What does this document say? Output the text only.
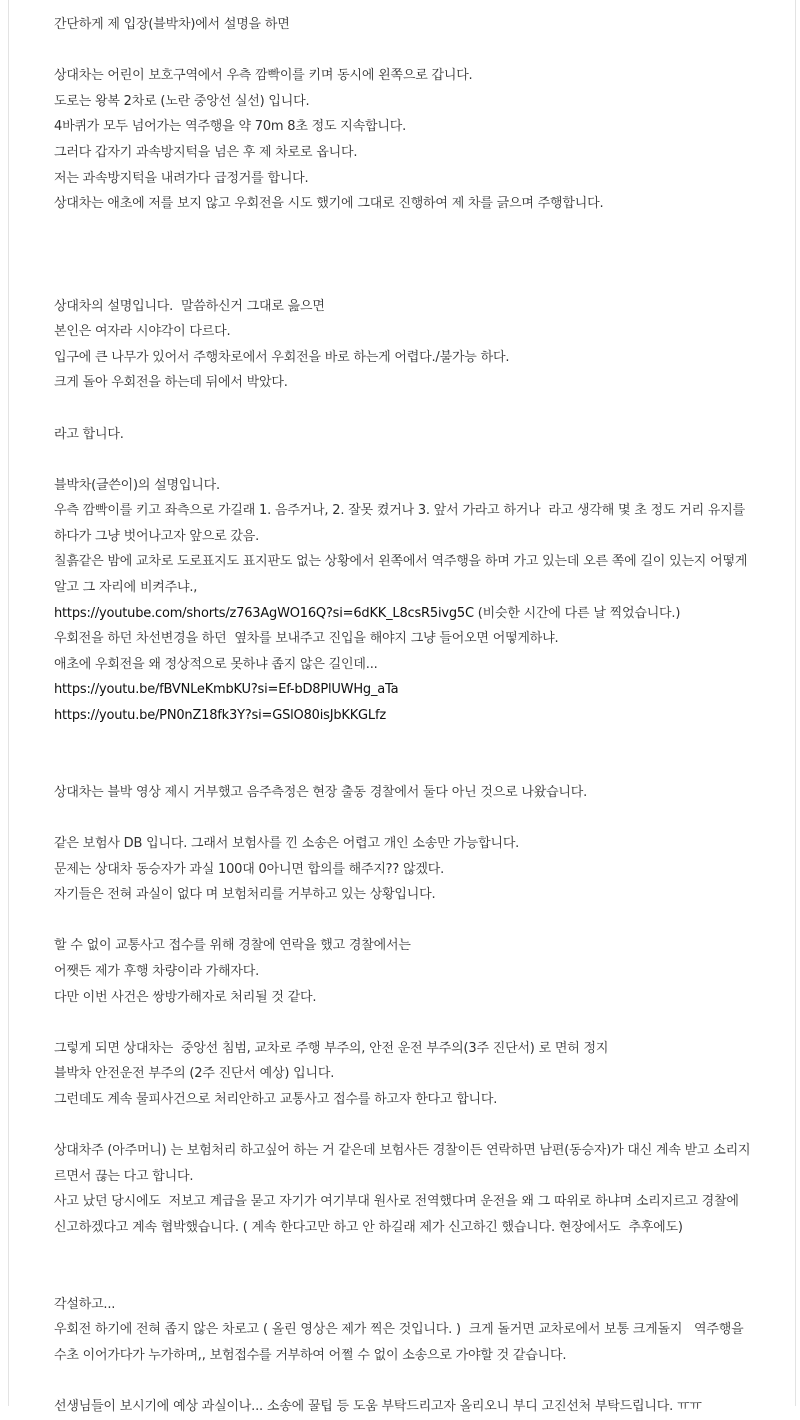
간단하게 제 입장(블박차)에서 설명을 하면

상대차는 어린이 보호구역에서 우측 깜빡이를 키며 동시에 왼쪽으로 갑니다.

도로는 왕복 2차로 (노란 중앙선 실선) 입니다.

4바퀴가 모두 넘어가는 역주행을 약 70m 8초 정도 지속합니다.

그러다 갑자기 과속방지턱을 넘은 후 제 차로로 옵니다.

저는 과속방지턱을 내려가다 급정거를 합니다.

상대차는 애초에 저를 보지 않고 우회전을 시도 했기에 그대로 진행하여 제 차를 긁으며 주행합니다.

상대차의 설명입니다.  말씀하신거 그대로 읊으면

본인은 여자라 시야각이 다르다.

입구에 큰 나무가 있어서 주행차로에서 우회전을 바로 하는게 어렵다./불가능 하다.

크게 돌아 우회전을 하는데 뒤에서 박았다.

라고 합니다.

블박차(글쓴이)의 설명입니다.

우측 깜빡이를 키고 좌측으로 가길래 1. 음주거나, 2. 잘못 켰거나 3. 앞서 가라고 하거나  라고 생각해 몇 초 정도 거리 유지를 하다가 그냥 벗어나고자 앞으로 갔음.

칠흙같은 밤에 교차로 도로표지도 표지판도 없는 상황에서 왼쪽에서 역주행을 하며 가고 있는데 오른 쪽에 길이 있는지 어떻게 알고 그 자리에 비켜주냐.,

https://youtube.com/shorts/z763AgWO16Q?si=6dKK_L8csR5ivg5C (비슷한 시간에 다른 날 찍었습니다.)

우회전을 하던 차선변경을 하던  옆차를 보내주고 진입을 해야지 그냥 들어오면 어떻게하냐.

애초에 우회전을 왜 정상적으로 못하냐 좁지 않은 길인데...

https://youtu.be/fBVNLeKmbKU?si=Ef-bD8PlUWHg_aTa

https://youtu.be/PN0nZ18fk3Y?si=GSlO80isJbKKGLfz

상대차는 블박 영상 제시 거부했고 음주측정은 현장 출동 경찰에서 둘다 아닌 것으로 나왔습니다.

같은 보험사 DB 입니다. 그래서 보험사를 낀 소송은 어렵고 개인 소송만 가능합니다.

문제는 상대차 동승자가 과실 100대 0아니면 합의를 해주지?? 않겠다.

자기들은 전혀 과실이 없다 며 보험처리를 거부하고 있는 상황입니다.

할 수 없이 교통사고 접수를 위해 경찰에 연락을 했고 경찰에서는

어쨋든 제가 후행 차량이라 가해자다.

다만 이번 사건은 쌍방가해자로 처리될 것 같다.

그렇게 되면 상대차는  중앙선 침범, 교차로 주행 부주의, 안전 운전 부주의(3주 진단서) 로 면허 정지

블박차 안전운전 부주의 (2주 진단서 예상) 입니다.

그런데도 계속 물피사건으로 처리안하고 교통사고 접수를 하고자 한다고 합니다.

상대차주 (아주머니) 는 보험처리 하고싶어 하는 거 같은데 보험사든 경찰이든 연락하면 남편(동승자)가 대신 계속 받고 소리지르면서 끊는 다고 합니다.

사고 났던 당시에도  저보고 계급을 묻고 자기가 여기부대 원사로 전역했다며 운전을 왜 그 따위로 하냐며 소리지르고 경찰에 신고하겠다고 계속 협박했습니다. ( 계속 한다고만 하고 안 하길래 제가 신고하긴 했습니다. 현장에서도  추후에도)

각설하고...

우회전 하기에 전혀 좁지 않은 차로고 ( 올린 영상은 제가 찍은 것입니다. )  크게 돌거면 교차로에서 보통 크게돌지   역주행을 수초 이어가다가 누가하며,, 보험접수를 거부하여 어쩔 수 없이 소송으로 가야할 것 같습니다.

선생님들이 보시기에 예상 과실이나... 소송에 꿀팁 등 도움 부탁드리고자 올리오니 부디 고진선처 부탁드립니다. ㅠㅠ
